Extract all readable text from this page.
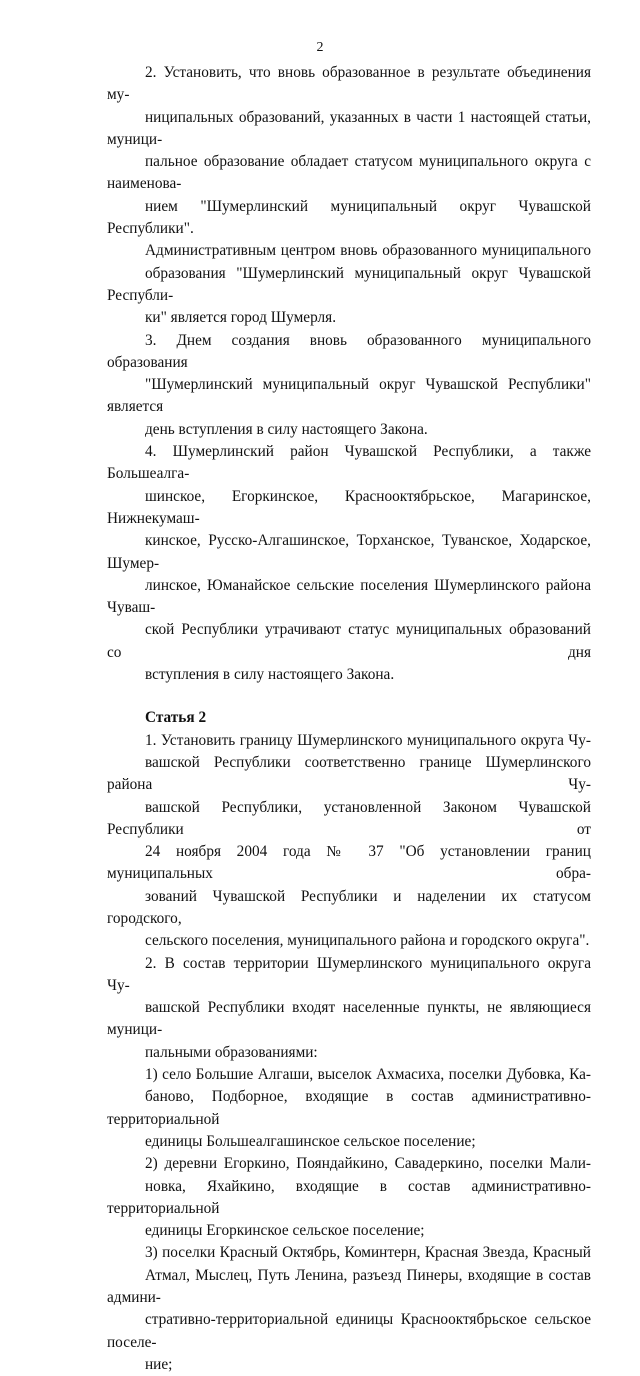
2

2. Установить, что вновь образованное в результате объединения му-
ниципальных образований, указанных в части 1 настоящей статьи, муници-
пальное образование обладает статусом муниципального округа с наименова-
нием "Шумерлинский муниципальный округ Чувашской Республики".

Административным центром вновь образованного муниципального
образования "Шумерлинский муниципальный округ Чувашской Республи-
ки" является город Шумерля.

3. Днем создания вновь образованного муниципального образования
"Шумерлинский муниципальный округ Чувашской Республики" является
день вступления в силу настоящего Закона.

4. Шумерлинский район Чувашской Республики, а также Большеалга-
шинское, Егоркинское, Краснооктябрьское, Магаринское, Нижнекумаш-
кинское, Русско-Алгашинское, Торханское, Туванское, Ходарское, Шумер-
линское, Юманайское сельские поселения Шумерлинского района Чуваш-
ской Республики утрачивают статус муниципальных образований со дня
вступления в силу настоящего Закона.

Статья 2

1. Установить границу Шумерлинского муниципального округа Чу-
вашской Республики соответственно границе Шумерлинского района Чу-
вашской Республики, установленной Законом Чувашской Республики от
24 ноября 2004 года № 37 "Об установлении границ муниципальных обра-
зований Чувашской Республики и наделении их статусом городского,
сельского поселения, муниципального района и городского округа".

2. В состав территории Шумерлинского муниципального округа Чу-
вашской Республики входят населенные пункты, не являющиеся муници-
пальными образованиями:

1) село Большие Алгаши, выселок Ахмасиха, поселки Дубовка, Ка-
баново, Подборное, входящие в состав административно-территориальной
единицы Большеалгашинское сельское поселение;

2) деревни Егоркино, Пояндайкино, Савадеркино, поселки Мали-
новка, Яхайкино, входящие в состав административно-территориальной
единицы Егоркинское сельское поселение;

3) поселки Красный Октябрь, Коминтерн, Красная Звезда, Красный
Атмал, Мыслец, Путь Ленина, разъезд Пинеры, входящие в состав админи-
стративно-территориальной единицы Краснооктябрьское сельское поселе-
ние;
